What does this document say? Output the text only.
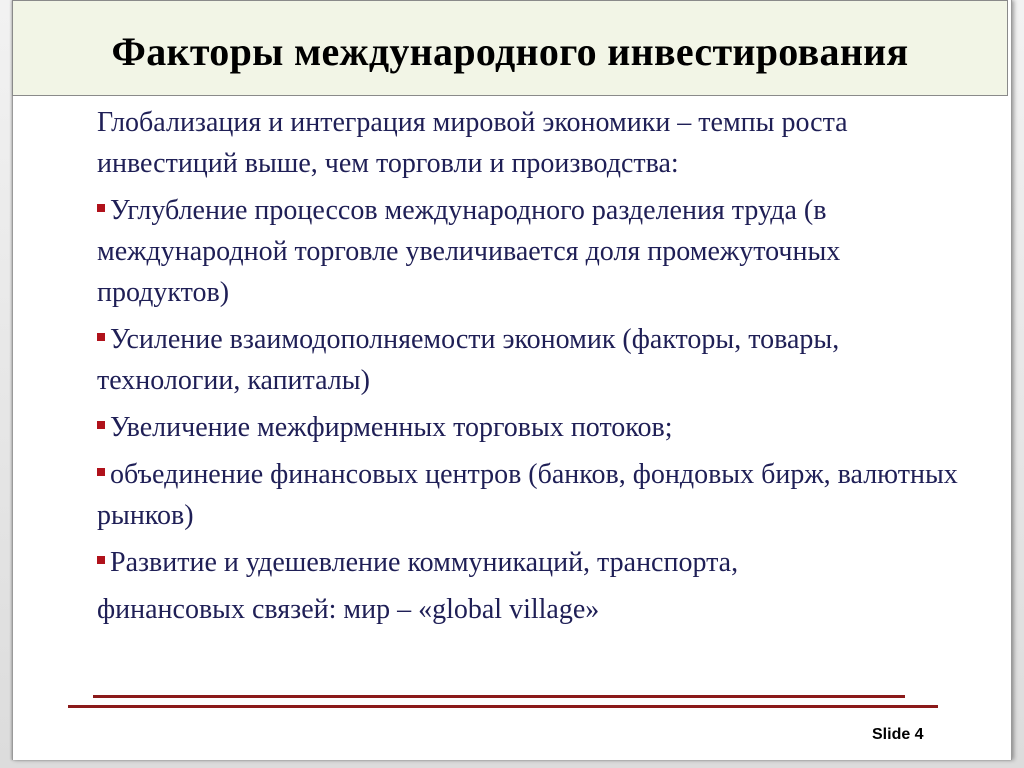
Факторы международного инвестирования

Глобализация и интеграция мировой экономики – темпы роста инвестиций выше, чем торговли и производства:

Углубление процессов международного разделения труда (в международной торговле увеличивается доля промежуточных продуктов)

Усиление взаимодополняемости экономик (факторы, товары, технологии, капиталы)

Увеличение межфирменных торговых потоков;

объединение финансовых центров (банков, фондовых бирж, валютных рынков)

Развитие и удешевление коммуникаций, транспорта,
финансовых связей: мир – «global village»

Slide 4
